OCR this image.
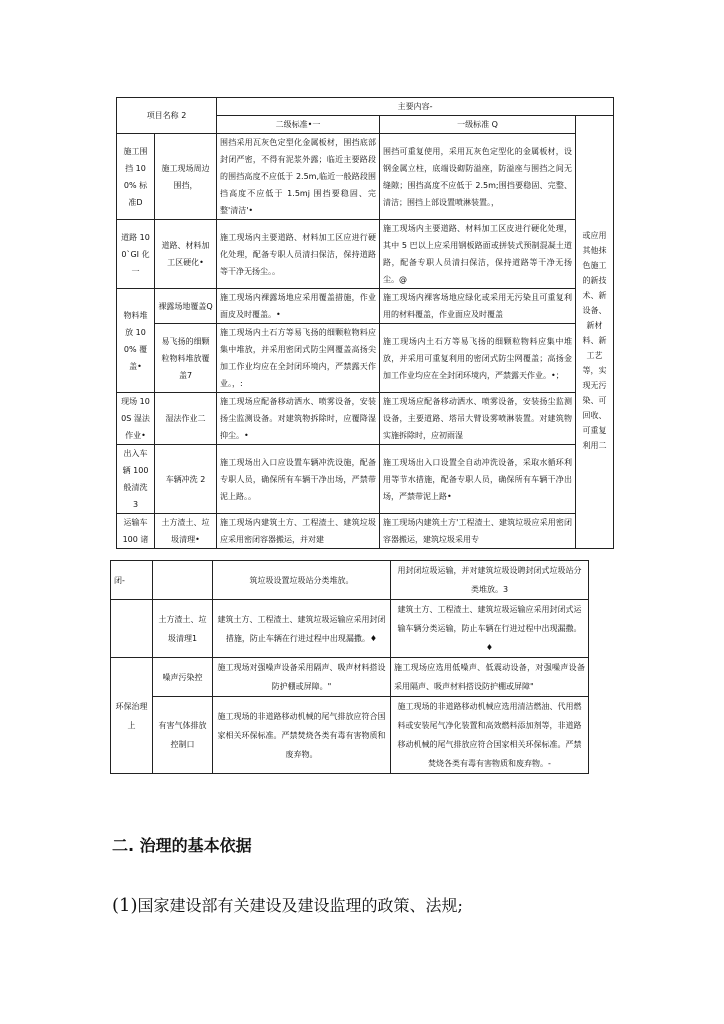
项目名称 2		主要内容-		
		二级标准•一	一级标准 Q	
施工围挡 100% 标准D	施工现场周边围挡，	围挡采用瓦灰色定型化金属板材，围挡底部封闭严密，不得有泥浆外露；临近主要路段的围挡高度不应低于 2.5m,临近一般路段围挡高度不应低于 1.5mj 围挡要稳固、完整'清洁'•	围挡可重复使用，采用瓦灰色定型化的金属板材，设钢金属立柱，底端设砌防溢座，防溢座与围挡之间无缝隙；围挡高度不应低于 2.5m;围挡要稳固、完整、清洁；围挡上部设置喷淋装置。，	或应用其他抹色施工的新技术、新设备、新材料、新工艺等，实现无污染、可回收、可重复利用二
道路 100`GI 化一	道路、材料加工区硬化•	施工现场内主要道路、材料加工区应进行硬化处理，配备专职人员清扫保洁，保持道路等干净无扬尘。。	施工现场内主要道路、材料加工区皮进行硬化处理，其中 5 巴以上应采用钢板路面或拼装式预制混凝土道路，配备专职人员清扫保洁，保持道路等干净无扬尘。@	
物料堆放 100% 覆盖•	裸露场地覆盖Q	施工现场内裸露场地应采用覆盖措施，作业面皮及时覆盖。•	施工现场内裸客场地应绿化或采用无污染且可重复利用的材料覆盖，作业面应及时覆盖	
	易飞扬的细颗粒物料堆放覆盖7	施工现场内土石方等易飞扬的细颗粒物料应集中堆放，并采用密闭式防尘网覆盖高扬尖加工作业均应在全封闭环境内，严禁露天作业。，:	施工现场内土石方等易飞扬的细颗粒物料应集中堆放，并采用可重复利用的密闭式防尘网覆盖；高扬金加工作业均应在全封闭环境内，严禁露天作业。•；	
现场 100S 湿法作业•	湿法作业二	施工现场应配备移动洒水、喷雾设备，安装扬尘监测设备。对建筑物拆除时，应覆降湿抑尘。•	施工现场应配备移动洒水、喷雾设备，安装扬尘监测设备，主要道路、塔吊大臂设雾喷淋装置。对建筑物实施拆除时，应初雨湿	
出入车辆 100 般清洗 3	车辆冲洗 2	施工现场出入口应设置车辆冲洗设施，配备专职人员，确保所有车辆干净出场，严禁带泥上路。。	施工现场出入口设置全自动冲洗设备，采取水循环利用等节水措施，配备专职人员，确保所有车辆干净出场，严禁带泥上路•	
运输车 100 诸	土方渣土、垃圾清理•	施工现场内建筑土方、工程渣土、建筑垃圾应采用密闭容器搬运，并对建	施工现场内建筑土方'工程渣土、建筑垃圾应采用密闭容器搬运，建筑垃圾采用专	
闭-		筑垃圾设置垃圾站分类堆放。	用封闭垃圾运输，并对建筑垃圾设聘封闭式垃圾站分类堆放。3
	土方渣土、垃圾清理1	建筑土方、工程渣土、建筑垃圾运输应采用封闭措施，防止车辆在行进过程中出现漏撒。♦	建筑土方、工程渣土、建筑垃圾运输应采用封闭式运输车辆分类运输，防止车辆在行进过程中出现漏撒。♦
环保治理上	噪声污染控	施工现场对强噪声设备采用隔声、吸声材料搭设防护棚或屏障。"	施工现场应选用低噪声、低震动设备，对强噪声设备采用隔声、吸声材料搭设防护棚或屏障"
	有害气体排放控制口	施工现场的非道路移动机械的尾气排放应符合国家相关环保标准。严禁焚烧各类有毒有害物质和废弃物。	施工现场的非道路移动机械应选用清洁燃油、代用燃料或安装尾气净化装置和高效燃料添加剂等，非道路移动机械的尾气排放应符合国家相关环保标准。严禁焚烧各类有毒有害物质和废弃物。-
二. 治理的基本依据

(1)国家建设部有关建设及建设监理的政策、法规;
